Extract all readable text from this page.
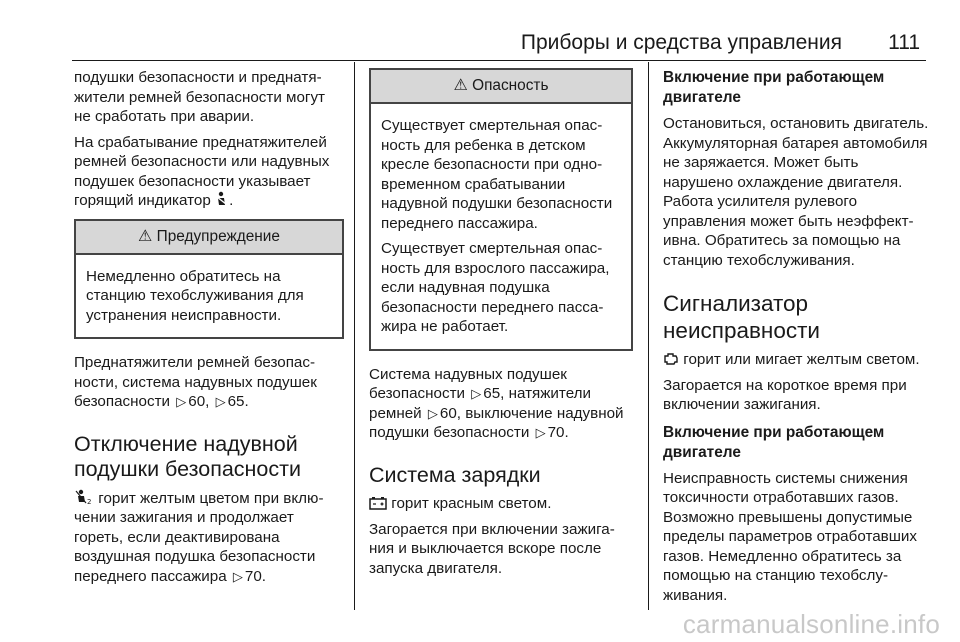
Приборы и средства управления 111

подушки безопасности и преднатяжители ремней безопасности могут не сработать при аварии.

На срабатывание преднатяжителей ремней безопасности или надувных подушек безопасности указывает горящий индикатор .

⚠ Предупреждение

Немедленно обратитесь на станцию техобслуживания для устранения неисправности.

Преднатяжители ремней безопасности, система надувных подушек безопасности ▷ 60, ▷ 65.

Отключение надувной подушки безопасности

2 горит желтым цветом при включении зажигания и продолжает гореть, если деактивирована воздушная подушка безопасности переднего пассажира ▷ 70.

⚠ Опасность

Существует смертельная опасность для ребенка в детском кресле безопасности при одновременном срабатывании надувной подушки безопасности переднего пассажира.

Существует смертельная опасность для взрослого пассажира, если надувная подушка безопасности переднего пассажира не работает.

Система надувных подушек безопасности ▷ 65, натяжители ремней ▷ 60, выключение надувной подушки безопасности ▷ 70.

Система зарядки

горит красным светом.

Загорается при включении зажигания и выключается вскоре после запуска двигателя.

Включение при работающем двигателе

Остановиться, остановить двигатель. Аккумуляторная батарея автомобиля не заряжается. Может быть нарушено охлаждение двигателя. Работа усилителя рулевого управления может быть неэффективна. Обратитесь за помощью на станцию техобслуживания.

Сигнализатор неисправности

горит или мигает желтым светом.

Загорается на короткое время при включении зажигания.

Включение при работающем двигателе

Неисправность системы снижения токсичности отработавших газов. Возможно превышены допустимые пределы параметров отработавших газов. Немедленно обратитесь за помощью на станцию техобслуживания.

carmanualsonline.info
